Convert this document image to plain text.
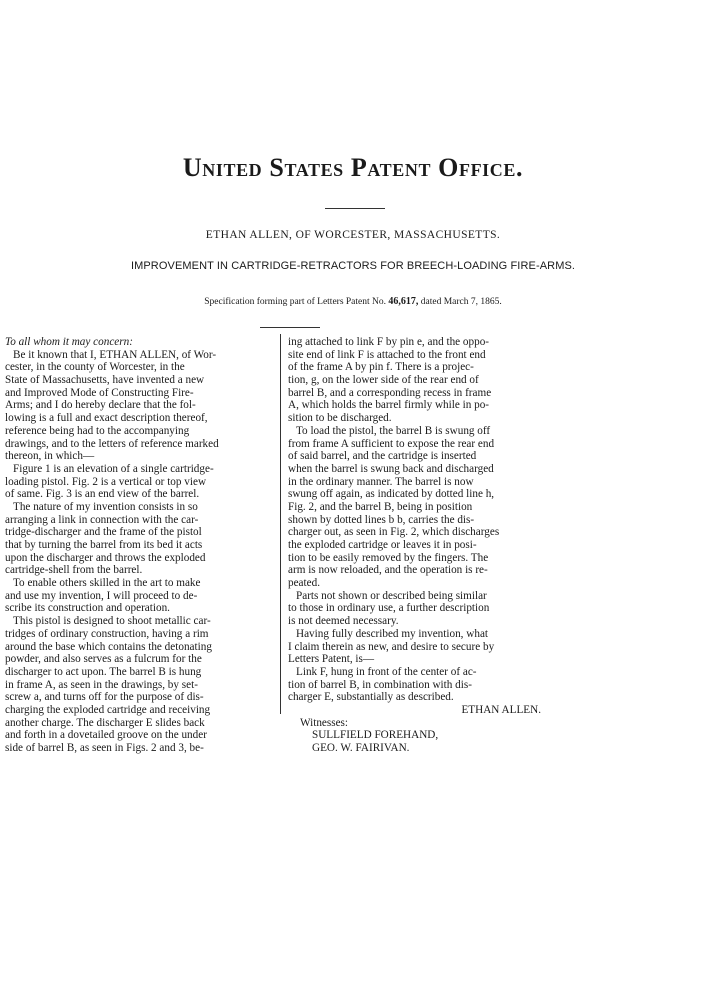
United States Patent Office.
ETHAN ALLEN, OF WORCESTER, MASSACHUSETTS.
IMPROVEMENT IN CARTRIDGE-RETRACTORS FOR BREECH-LOADING FIRE-ARMS.
Specification forming part of Letters Patent No. 46,617, dated March 7, 1865.
To all whom it may concern:
Be it known that I, ETHAN ALLEN, of Wor-
cester, in the county of Worcester, in the
State of Massachusetts, have invented a new
and Improved Mode of Constructing Fire-
Arms; and I do hereby declare that the fol-
lowing is a full and exact description thereof,
reference being had to the accompanying
drawings, and to the letters of reference marked
thereon, in which—
Figure 1 is an elevation of a single cartridge-
loading pistol. Fig. 2 is a vertical or top view
of same. Fig. 3 is an end view of the barrel.
The nature of my invention consists in so
arranging a link in connection with the car-
tridge-discharger and the frame of the pistol
that by turning the barrel from its bed it acts
upon the discharger and throws the exploded
cartridge-shell from the barrel.
To enable others skilled in the art to make
and use my invention, I will proceed to de-
scribe its construction and operation.
This pistol is designed to shoot metallic car-
tridges of ordinary construction, having a rim
around the base which contains the detonating
powder, and also serves as a fulcrum for the
discharger to act upon. The barrel B is hung
in frame A, as seen in the drawings, by set-
screw a, and turns off for the purpose of dis-
charging the exploded cartridge and receiving
another charge. The discharger E slides back
and forth in a dovetailed groove on the under
side of barrel B, as seen in Figs. 2 and 3, be-
ing attached to link F by pin e, and the oppo-
site end of link F is attached to the front end
of the frame A by pin f. There is a projec-
tion, g, on the lower side of the rear end of
barrel B, and a corresponding recess in frame
A, which holds the barrel firmly while in po-
sition to be discharged.
To load the pistol, the barrel B is swung off
from frame A sufficient to expose the rear end
of said barrel, and the cartridge is inserted
when the barrel is swung back and discharged
in the ordinary manner. The barrel is now
swung off again, as indicated by dotted line h,
Fig. 2, and the barrel B, being in position
shown by dotted lines b b, carries the dis-
charger out, as seen in Fig. 2, which discharges
the exploded cartridge or leaves it in posi-
tion to be easily removed by the fingers. The
arm is now reloaded, and the operation is re-
peated.
Parts not shown or described being similar
to those in ordinary use, a further description
is not deemed necessary.
Having fully described my invention, what
I claim therein as new, and desire to secure by
Letters Patent, is—
Link F, hung in front of the center of ac-
tion of barrel B, in combination with dis-
charger E, substantially as described.
ETHAN ALLEN.
Witnesses:
SULLFIELD FOREHAND,
GEO. W. FAIRIVAN.
